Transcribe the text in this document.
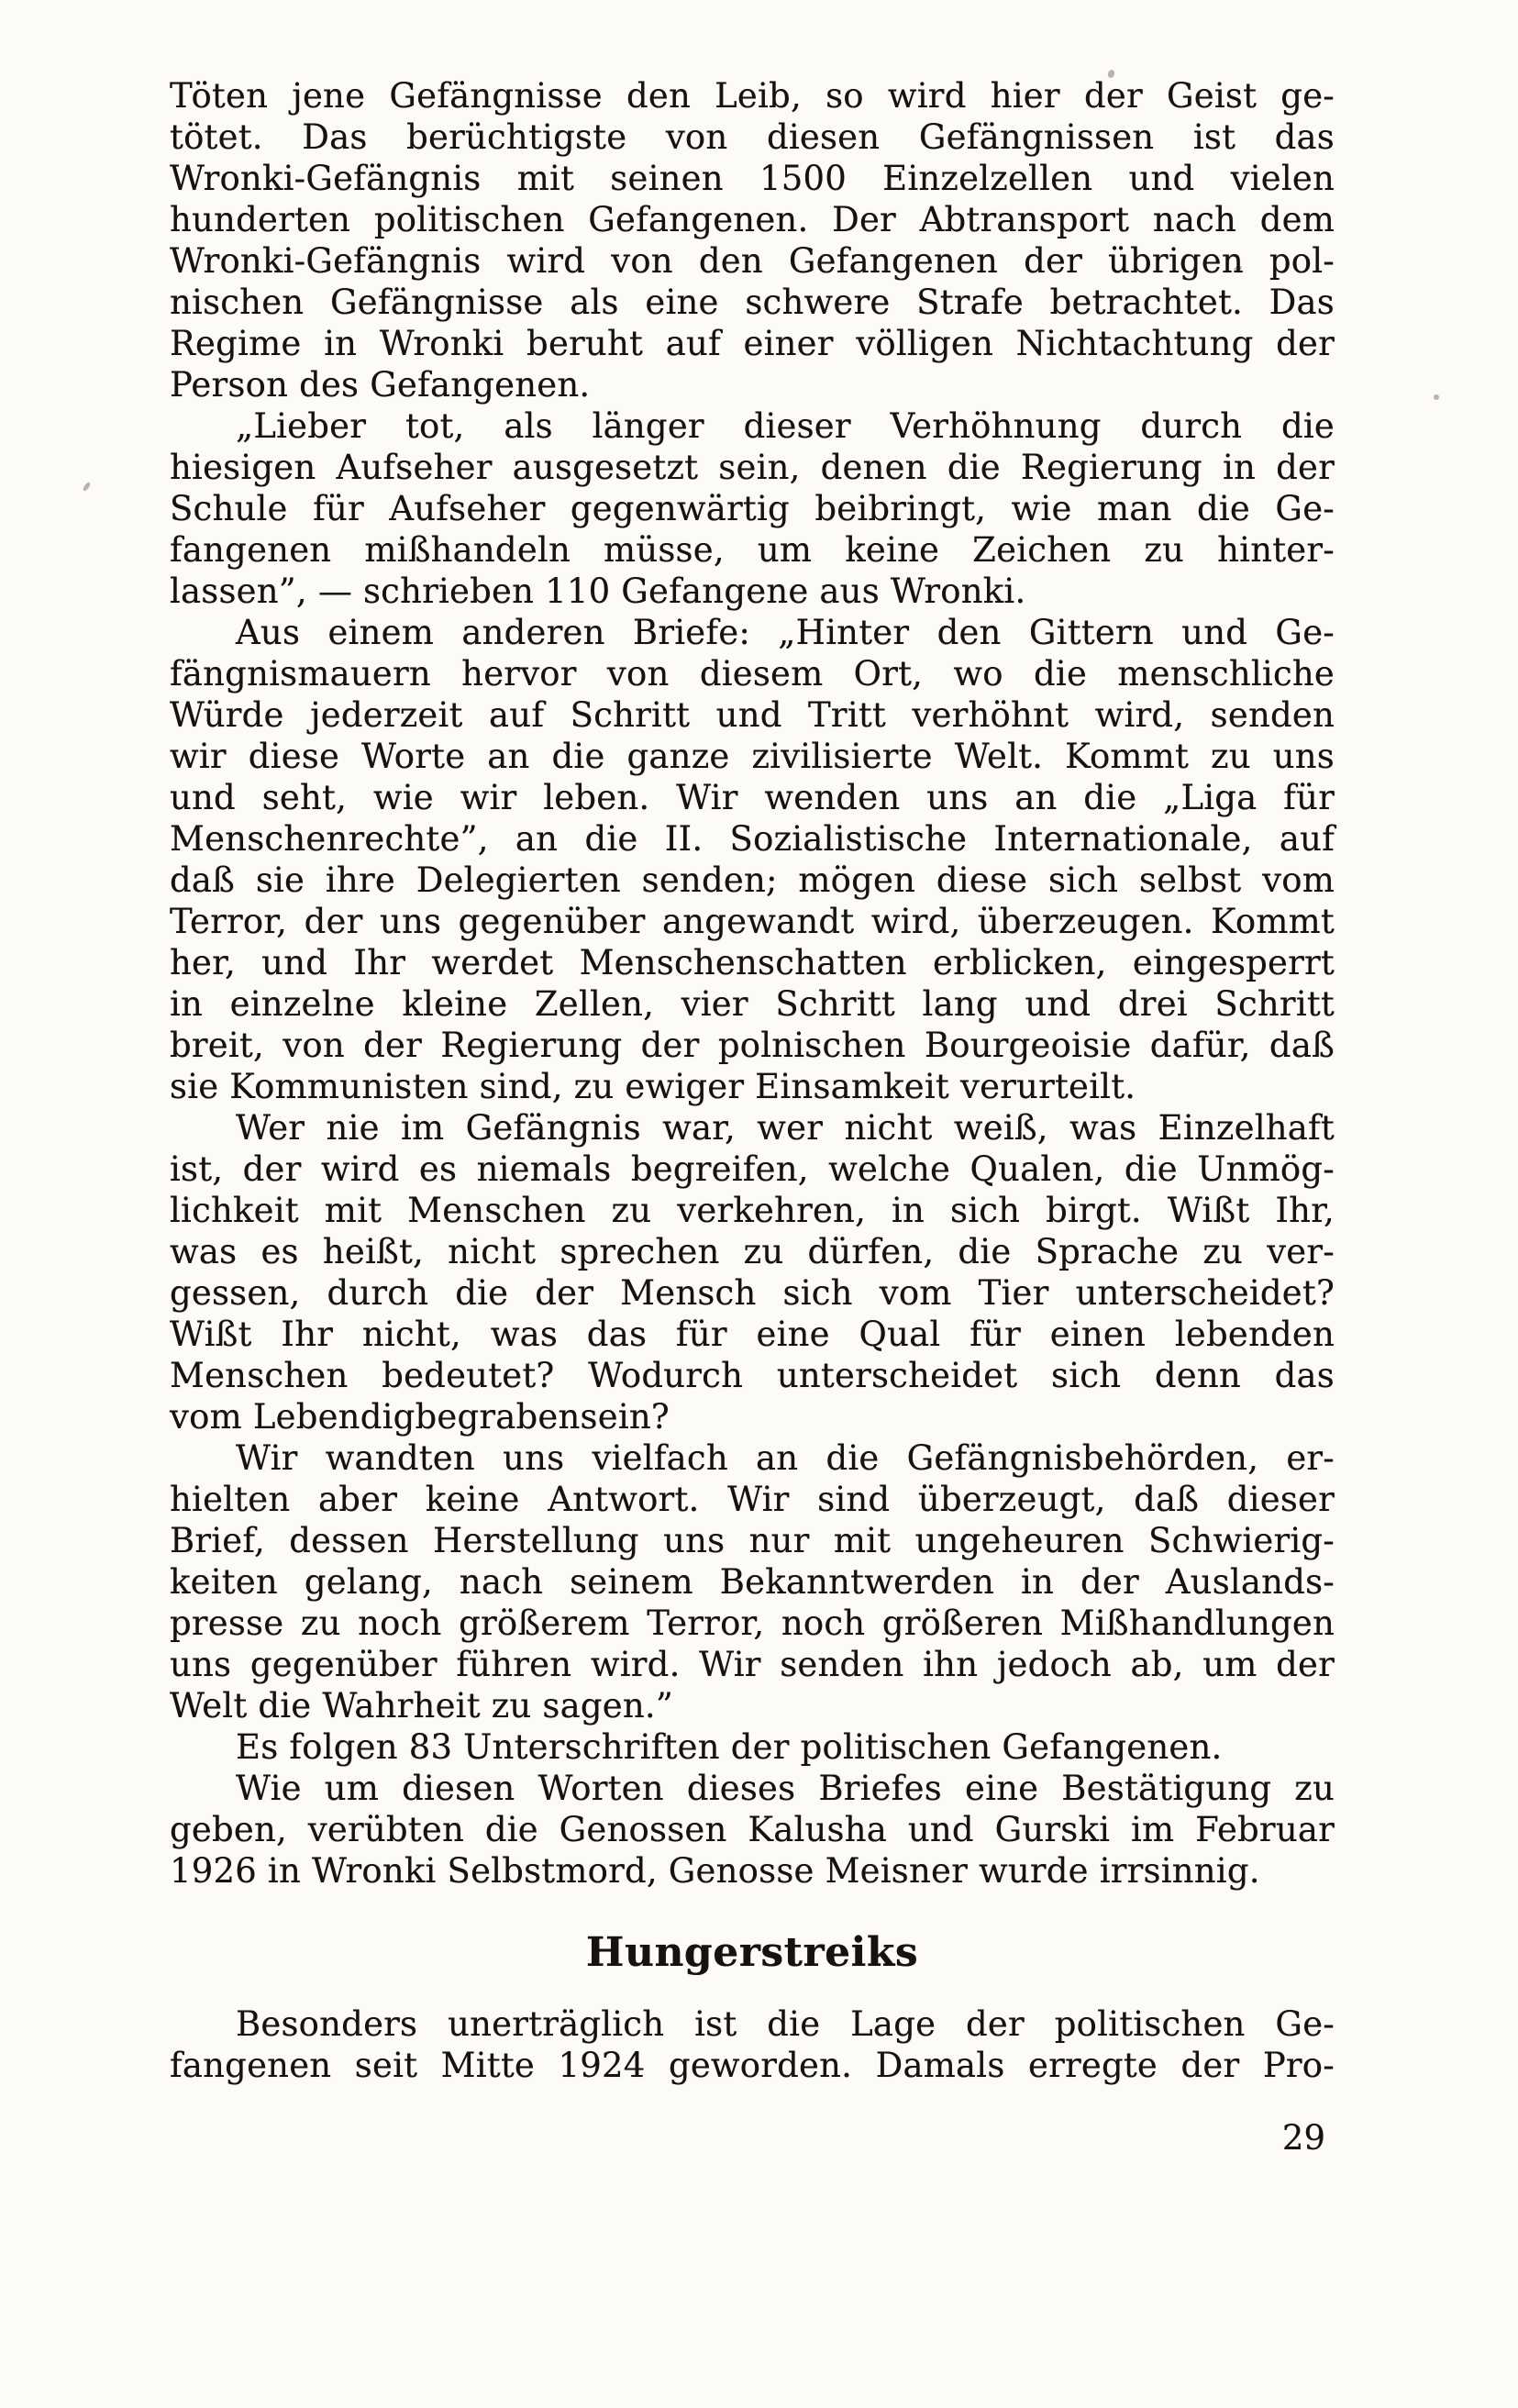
Töten jene Gefängnisse den Leib, so wird hier der Geist ge-
tötet. Das berüchtigste von diesen Gefängnissen ist das
Wronki-Gefängnis mit seinen 1500 Einzelzellen und vielen
hunderten politischen Gefangenen. Der Abtransport nach dem
Wronki-Gefängnis wird von den Gefangenen der übrigen pol-
nischen Gefängnisse als eine schwere Strafe betrachtet. Das
Regime in Wronki beruht auf einer völligen Nichtachtung der
Person des Gefangenen.
„Lieber tot, als länger dieser Verhöhnung durch die
hiesigen Aufseher ausgesetzt sein, denen die Regierung in der
Schule für Aufseher gegenwärtig beibringt, wie man die Ge-
fangenen mißhandeln müsse, um keine Zeichen zu hinter-
lassen”, — schrieben 110 Gefangene aus Wronki.
Aus einem anderen Briefe: „Hinter den Gittern und Ge-
fängnismauern hervor von diesem Ort, wo die menschliche
Würde jederzeit auf Schritt und Tritt verhöhnt wird, senden
wir diese Worte an die ganze zivilisierte Welt. Kommt zu uns
und seht, wie wir leben. Wir wenden uns an die „Liga für
Menschenrechte”, an die II. Sozialistische Internationale, auf
daß sie ihre Delegierten senden; mögen diese sich selbst vom
Terror, der uns gegenüber angewandt wird, überzeugen. Kommt
her, und Ihr werdet Menschenschatten erblicken, eingesperrt
in einzelne kleine Zellen, vier Schritt lang und drei Schritt
breit, von der Regierung der polnischen Bourgeoisie dafür, daß
sie Kommunisten sind, zu ewiger Einsamkeit verurteilt.
Wer nie im Gefängnis war, wer nicht weiß, was Einzelhaft
ist, der wird es niemals begreifen, welche Qualen, die Unmög-
lichkeit mit Menschen zu verkehren, in sich birgt. Wißt Ihr,
was es heißt, nicht sprechen zu dürfen, die Sprache zu ver-
gessen, durch die der Mensch sich vom Tier unterscheidet?
Wißt Ihr nicht, was das für eine Qual für einen lebenden
Menschen bedeutet? Wodurch unterscheidet sich denn das
vom Lebendigbegrabensein?
Wir wandten uns vielfach an die Gefängnisbehörden, er-
hielten aber keine Antwort. Wir sind überzeugt, daß dieser
Brief, dessen Herstellung uns nur mit ungeheuren Schwierig-
keiten gelang, nach seinem Bekanntwerden in der Auslands-
presse zu noch größerem Terror, noch größeren Mißhandlungen
uns gegenüber führen wird. Wir senden ihn jedoch ab, um der
Welt die Wahrheit zu sagen.”
Es folgen 83 Unterschriften der politischen Gefangenen.
Wie um diesen Worten dieses Briefes eine Bestätigung zu
geben, verübten die Genossen Kalusha und Gurski im Februar
1926 in Wronki Selbstmord, Genosse Meisner wurde irrsinnig.
Hungerstreiks
Besonders unerträglich ist die Lage der politischen Ge-
fangenen seit Mitte 1924 geworden. Damals erregte der Pro-
29
